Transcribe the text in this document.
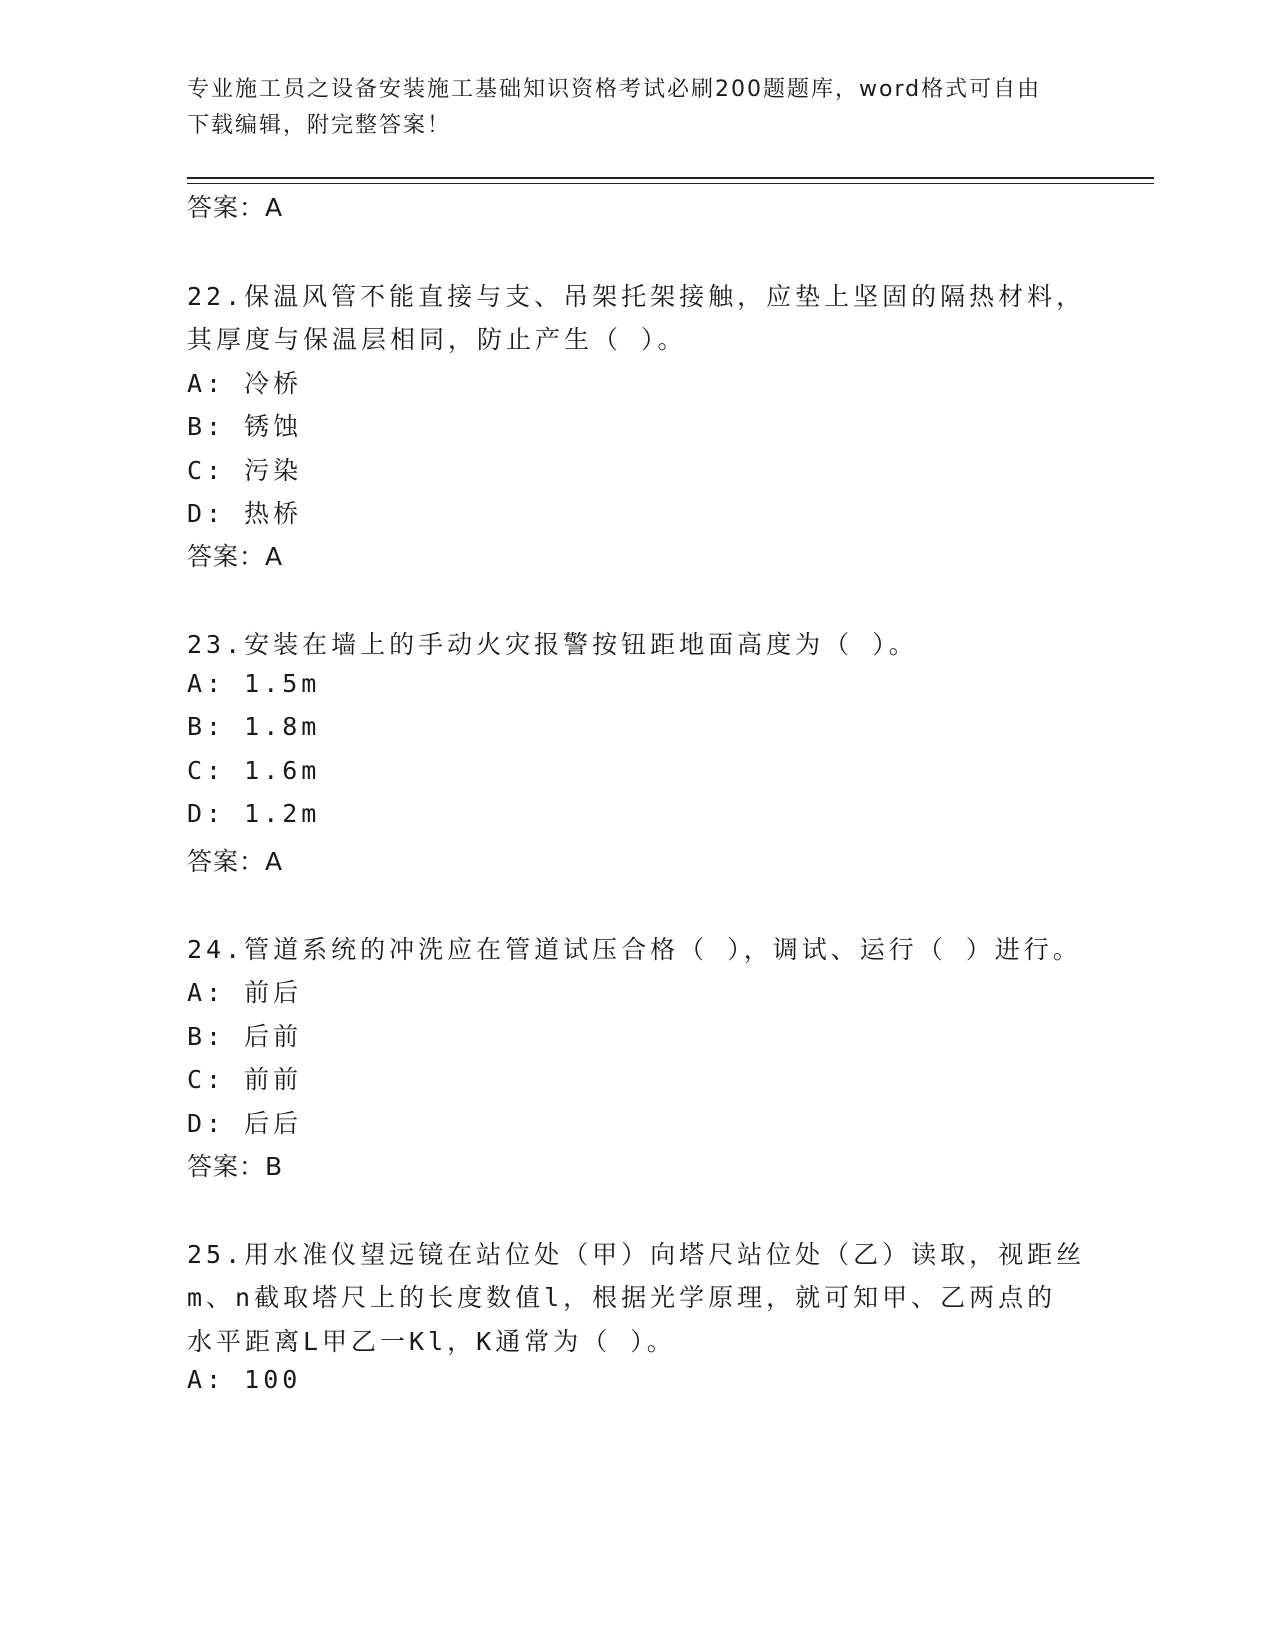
专业施工员之设备安装施工基础知识资格考试必刷200题题库，word格式可自由
下载编辑，附完整答案！
答案：A
22.保温风管不能直接与支、吊架托架接触，应垫上坚固的隔热材料，
其厚度与保温层相同，防止产生（ ）。
A: 冷桥
B: 锈蚀
C: 污染
D: 热桥
答案：A
23.安装在墙上的手动火灾报警按钮距地面高度为（ ）。
A: 1.5m
B: 1.8m
C: 1.6m
D: 1.2m
答案：A
24.管道系统的冲洗应在管道试压合格（ ），调试、运行（ ）进行。
A: 前后
B: 后前
C: 前前
D: 后后
答案：B
25.用水准仪望远镜在站位处（甲）向塔尺站位处（乙）读取，视距丝
m、n截取塔尺上的长度数值l，根据光学原理，就可知甲、乙两点的
水平距离L甲乙一Kl，K通常为（ ）。
A: 100
